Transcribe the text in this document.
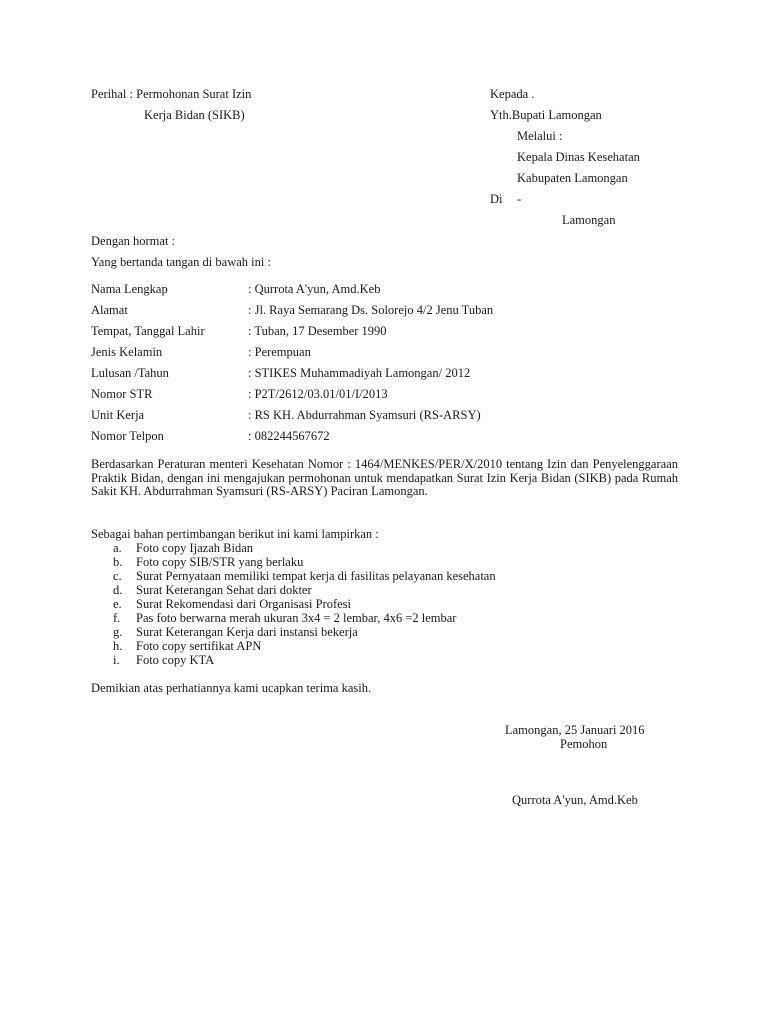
Perihal : Permohonan Surat Izin
Kerja Bidan (SIKB)
Kepada .
Yth.Bupati Lamongan
Melalui :
Kepala Dinas Kesehatan
Kabupaten Lamongan
Di -
Lamongan
Dengan hormat :
Yang bertanda tangan di bawah ini :
Nama Lengkap	: Qurrota A'yun, Amd.Keb
Alamat	: Jl. Raya Semarang Ds. Solorejo 4/2 Jenu Tuban
Tempat, Tanggal Lahir	: Tuban, 17 Desember 1990
Jenis Kelamin	: Perempuan
Lulusan /Tahun	: STIKES Muhammadiyah Lamongan/ 2012
Nomor STR	: P2T/2612/03.01/01/I/2013
Unit Kerja	: RS KH. Abdurrahman Syamsuri (RS-ARSY)
Nomor Telpon	: 082244567672
Berdasarkan Peraturan menteri Kesehatan Nomor : 1464/MENKES/PER/X/2010 tentang Izin dan Penyelenggaraan Praktik Bidan, dengan ini mengajukan permohonan untuk mendapatkan Surat Izin Kerja Bidan (SIKB) pada Rumah Sakit KH. Abdurrahman Syamsuri (RS-ARSY) Paciran Lamongan.
Sebagai bahan pertimbangan berikut ini kami lampirkan :
a. Foto copy Ijazah Bidan
b. Foto copy SIB/STR yang berlaku
c. Surat Pernyataan memiliki tempat kerja di fasilitas pelayanan kesehatan
d. Surat Keterangan Sehat dari dokter
e. Surat Rekomendasi dari Organisasi Profesi
f. Pas foto berwarna merah ukuran 3x4 = 2 lembar, 4x6 =2 lembar
g. Surat Keterangan Kerja dari instansi bekerja
h. Foto copy sertifikat APN
i. Foto copy KTA
Demikian atas perhatiannya kami ucapkan terima kasih.
Lamongan, 25 Januari 2016
Pemohon
Qurrota A'yun, Amd.Keb
